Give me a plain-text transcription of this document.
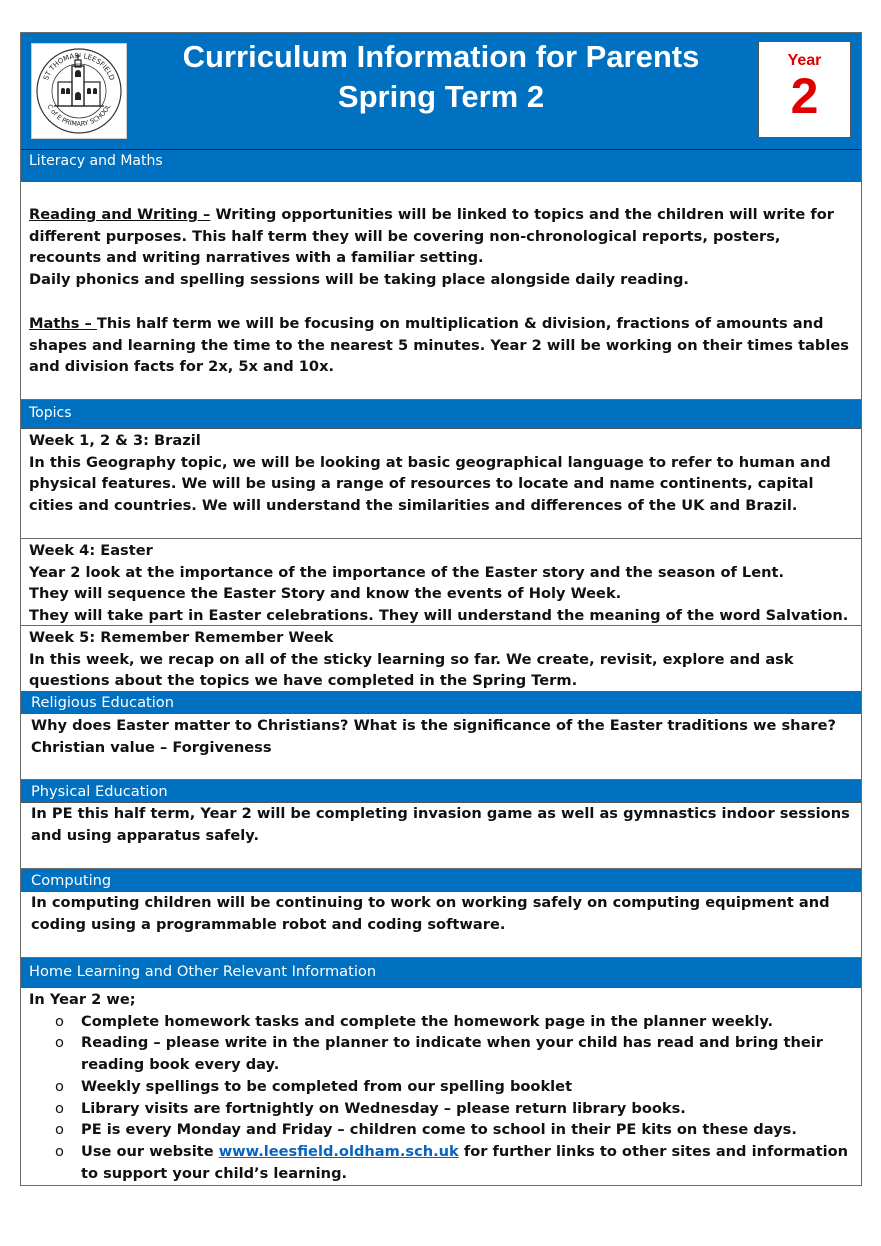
ST THOMAS' LEESFIELD
C of E PRIMARY SCHOOL
Curriculum Information for Parents
Spring Term 2
Year
2
Literacy and Maths
Reading and Writing – Writing opportunities will be linked to topics and the children will write for different purposes. This half term they will be covering non-chronological reports, posters, recounts and writing narratives with a familiar setting.
Daily phonics and spelling sessions will be taking place alongside daily reading.
Maths – This half term we will be focusing on multiplication & division, fractions of amounts and shapes and learning the time to the nearest 5 minutes. Year 2 will be working on their times tables and division facts for 2x, 5x and 10x.
Topics
Week 1, 2 & 3: Brazil
In this Geography topic, we will be looking at basic geographical language to refer to human and physical features. We will be using a range of resources to locate and name continents, capital cities and countries. We will understand the similarities and differences of the UK and Brazil.
Week 4: Easter
Year 2 look at the importance of the importance of the Easter story and the season of Lent.
They will sequence the Easter Story and know the events of Holy Week.
They will take part in Easter celebrations. They will understand the meaning of the word Salvation.
Week 5: Remember Remember Week
In this week, we recap on all of the sticky learning so far. We create, revisit, explore and ask questions about the topics we have completed in the Spring Term.
Religious Education
Why does Easter matter to Christians? What is the significance of the Easter traditions we share?
Christian value – Forgiveness
Physical Education
In PE this half term, Year 2 will be completing invasion game as well as gymnastics indoor sessions and using apparatus safely.
Computing
In computing children will be continuing to work on working safely on computing equipment and coding using a programmable robot and coding software.
Home Learning and Other Relevant Information
In Year 2 we;
o Complete homework tasks and complete the homework page in the planner weekly.
o Reading – please write in the planner to indicate when your child has read and bring their reading book every day.
o Weekly spellings to be completed from our spelling booklet
o Library visits are fortnightly on Wednesday – please return library books.
o PE is every Monday and Friday – children come to school in their PE kits on these days.
o Use our website www.leesfield.oldham.sch.uk for further links to other sites and information to support your child’s learning.
